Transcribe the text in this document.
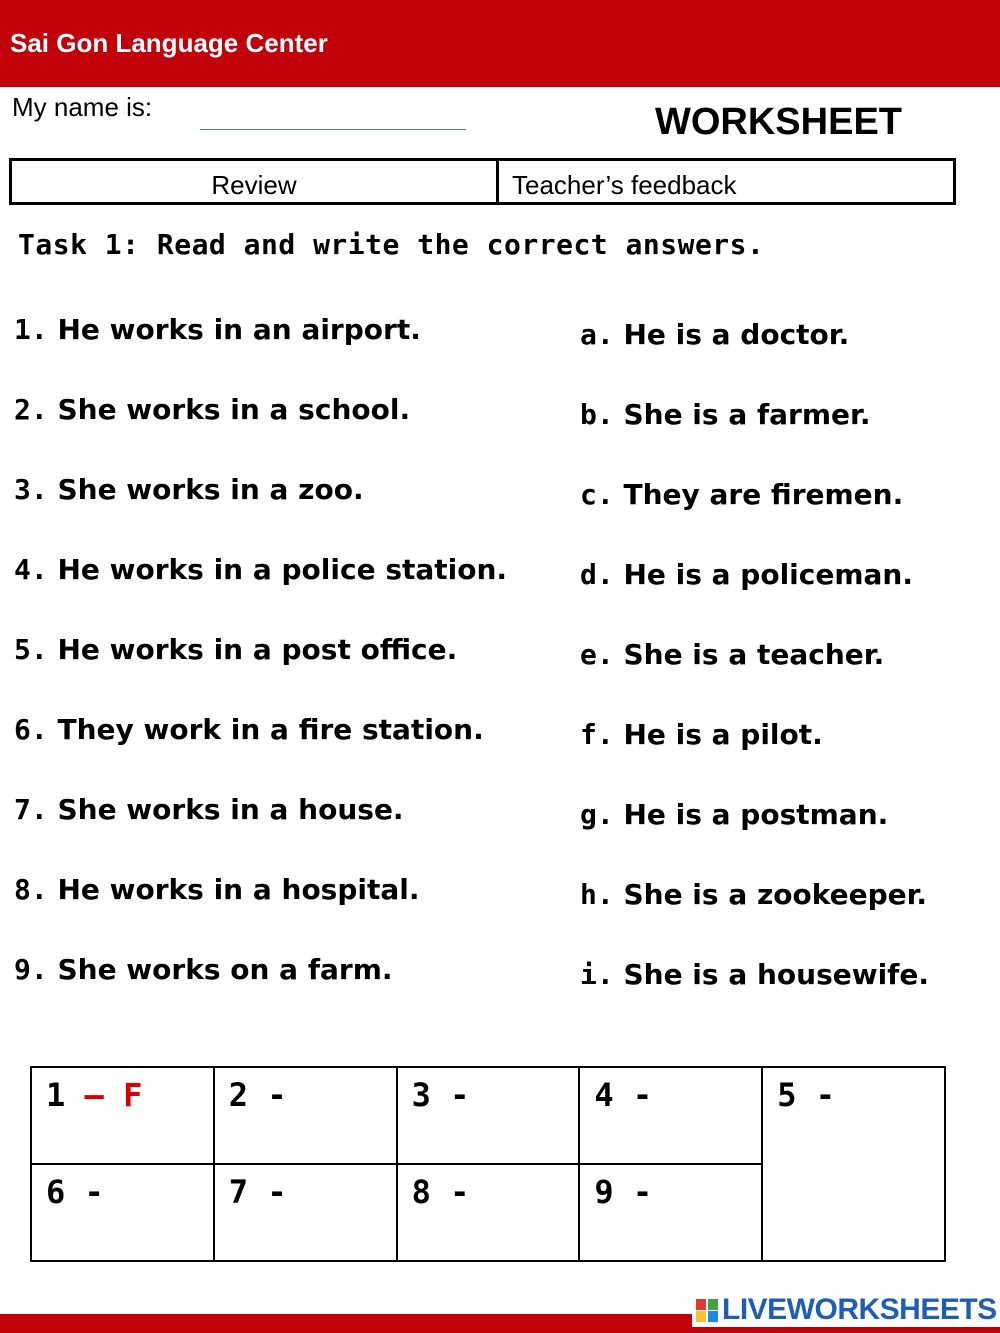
Sai Gon Language Center
My name is:	WORKSHEET
Review	Teacher’s feedback
Task 1: Read and write the correct answers.
1. He works in an airport.
2. She works in a school.
3. She works in a zoo.
4. He works in a police station.
5. He works in a post office.
6. They work in a fire station.
7. She works in a house.
8. He works in a hospital.
9. She works on a farm.
a. He is a doctor.
b. She is a farmer.
c. They are firemen.
d. He is a policeman.
e. She is a teacher.
f. He is a pilot.
g. He is a postman.
h. She is a zookeeper.
i. She is a housewife.
1 – F	2 -	3 -	4 -	5 -
6 -	7 -	8 -	9 -	
LIVEWORKSHEETS
